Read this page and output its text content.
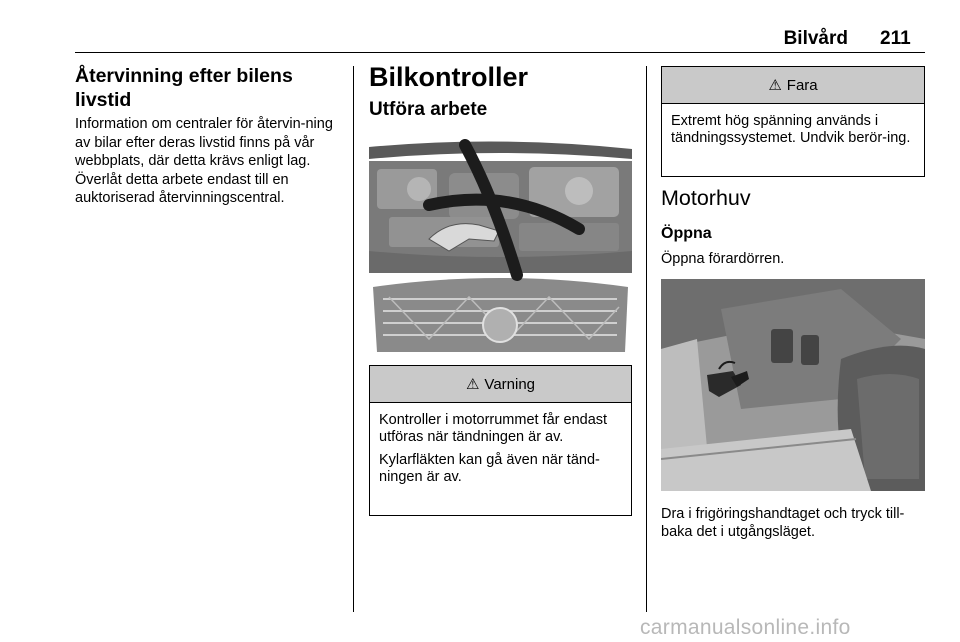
Bilvård 211
Återvinning efter bilens livstid

Information om centraler för återvin-ning av bilar efter deras livstid finns på vår webbplats, där detta krävs enligt lag. Överlåt detta arbete endast till en auktoriserad återvinningscentral.

Bilkontroller
Utföra arbete
⚠ Varning

Kontroller i motorrummet får endast utföras när tändningen är av.

Kylarfläkten kan gå även när tänd-ningen är av.

⚠ Fara

Extremt hög spänning används i tändningssystemet. Undvik berör-ing.

Motorhuv
Öppna

Öppna förardörren.

Dra i frigöringshandtaget och tryck till-baka det i utgångsläget.

carmanualsonline.info
